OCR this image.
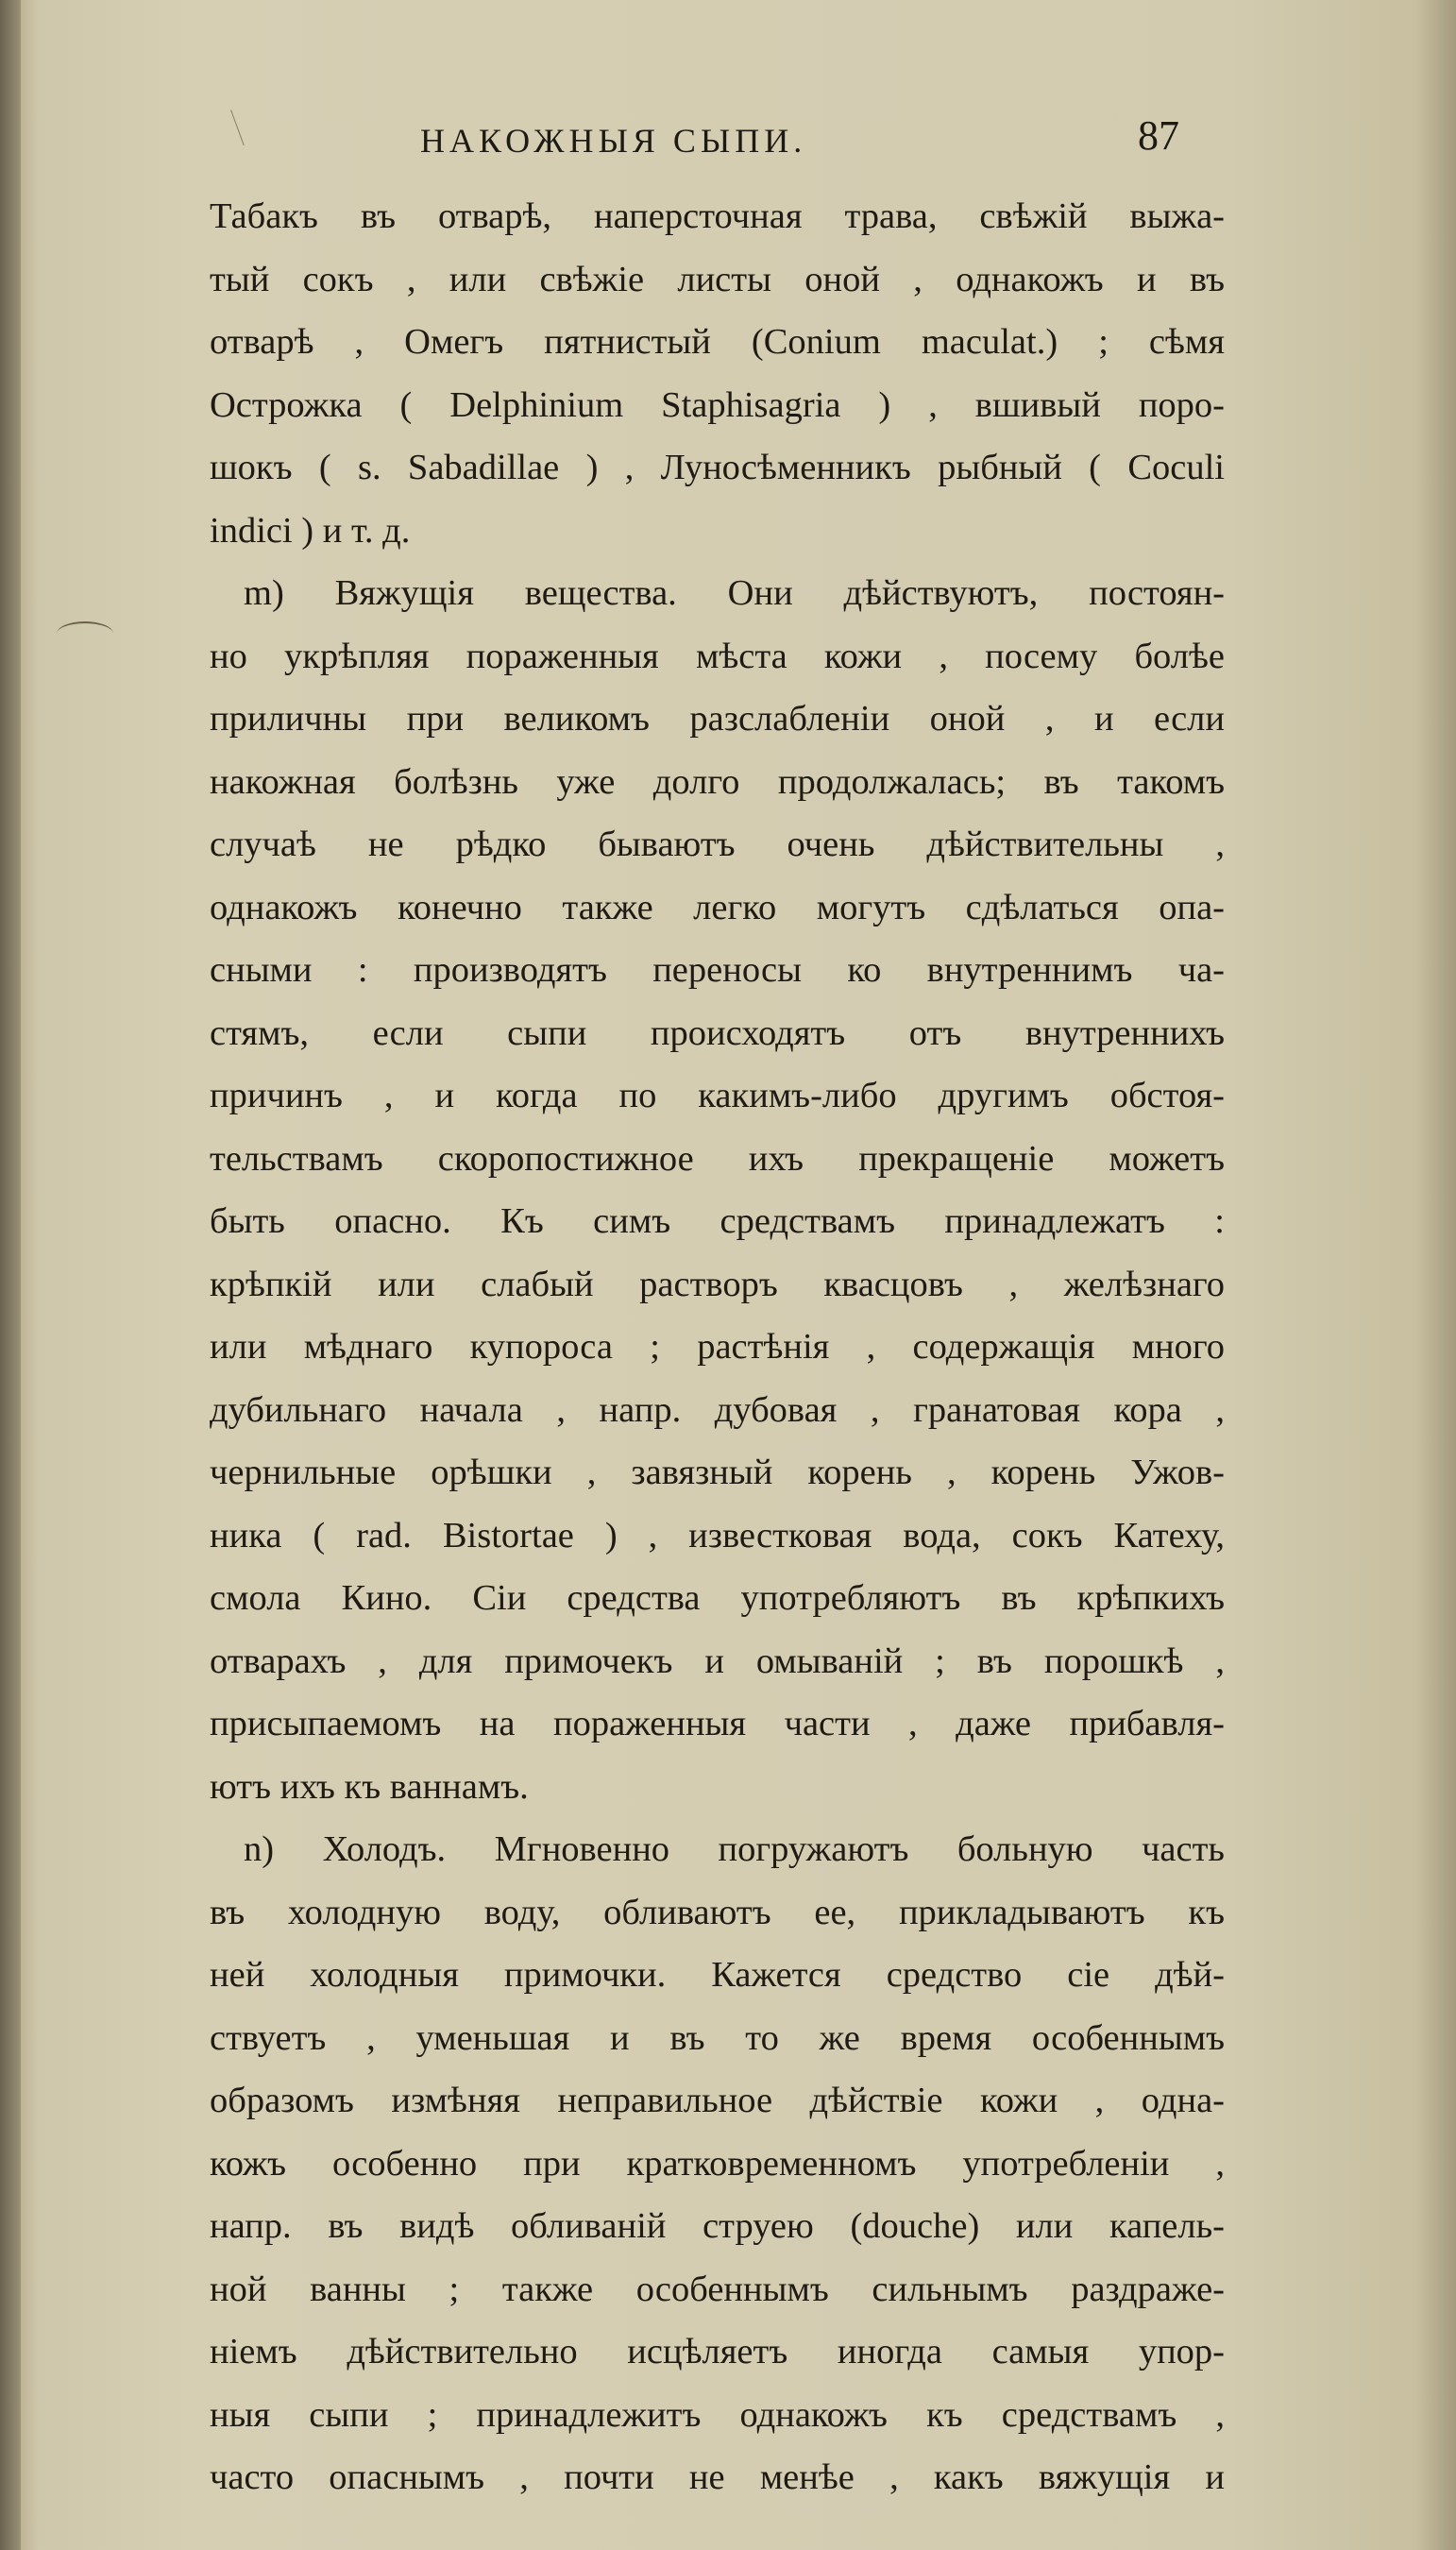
НАКОЖНЫЯ СЫПИ.	87
Табакъ въ отварѣ, наперсточная трава, свѣжій выжа-
тый сокъ , или свѣжіе листы оной , однакожъ и въ
отварѣ , Омегъ пятнистый (Conium maculat.) ; сѣмя
Острожка ( Delphinium Staphisagria ) , вшивый поро-
шокъ ( s. Sabadillae ) , Луносѣменникъ рыбный ( Coculi
indici ) и т. д.
m) Вяжущія вещества. Они дѣйствуютъ, постоян-
но укрѣпляя пораженныя мѣста кожи , посему болѣе
приличны при великомъ разслабленіи оной , и если
накожная болѣзнь уже долго продолжалась; въ такомъ
случаѣ не рѣдко бываютъ очень дѣйствительны ,
однакожъ конечно также легко могутъ сдѣлаться опа-
сными : производятъ переносы ко внутреннимъ ча-
стямъ, если сыпи происходятъ отъ внутреннихъ
причинъ , и когда по какимъ-либо другимъ обстоя-
тельствамъ скоропостижное ихъ прекращеніе можетъ
быть опасно. Къ симъ средствамъ принадлежатъ :
крѣпкій или слабый растворъ квасцовъ , желѣзнаго
или мѣднаго купороса ; растѣнія , содержащія много
дубильнаго начала , напр. дубовая , гранатовая кора ,
чернильные орѣшки , завязный корень , корень Ужов-
ника ( rad. Bistortae ) , известковая вода, сокъ Катеху,
смола Кино. Сіи средства употребляютъ въ крѣпкихъ
отварахъ , для примочекъ и омываній ; въ порошкѣ ,
присыпаемомъ на пораженныя части , даже прибавля-
ютъ ихъ къ ваннамъ.
n) Холодъ. Мгновенно погружаютъ больную часть
въ холодную воду, обливаютъ ее, прикладываютъ къ
ней холодныя примочки. Кажется средство сіе дѣй-
ствуетъ , уменьшая и въ то же время особеннымъ
образомъ измѣняя неправильное дѣйствіе кожи , одна-
кожъ особенно при кратковременномъ употребленіи ,
напр. въ видѣ обливаній струею (douche) или капель-
ной ванны ; также особеннымъ сильнымъ раздраже-
ніемъ дѣйствительно исцѣляетъ иногда самыя упор-
ныя сыпи ; принадлежитъ однакожъ къ средствамъ ,
часто опаснымъ , почти не менѣе , какъ вяжущія и
